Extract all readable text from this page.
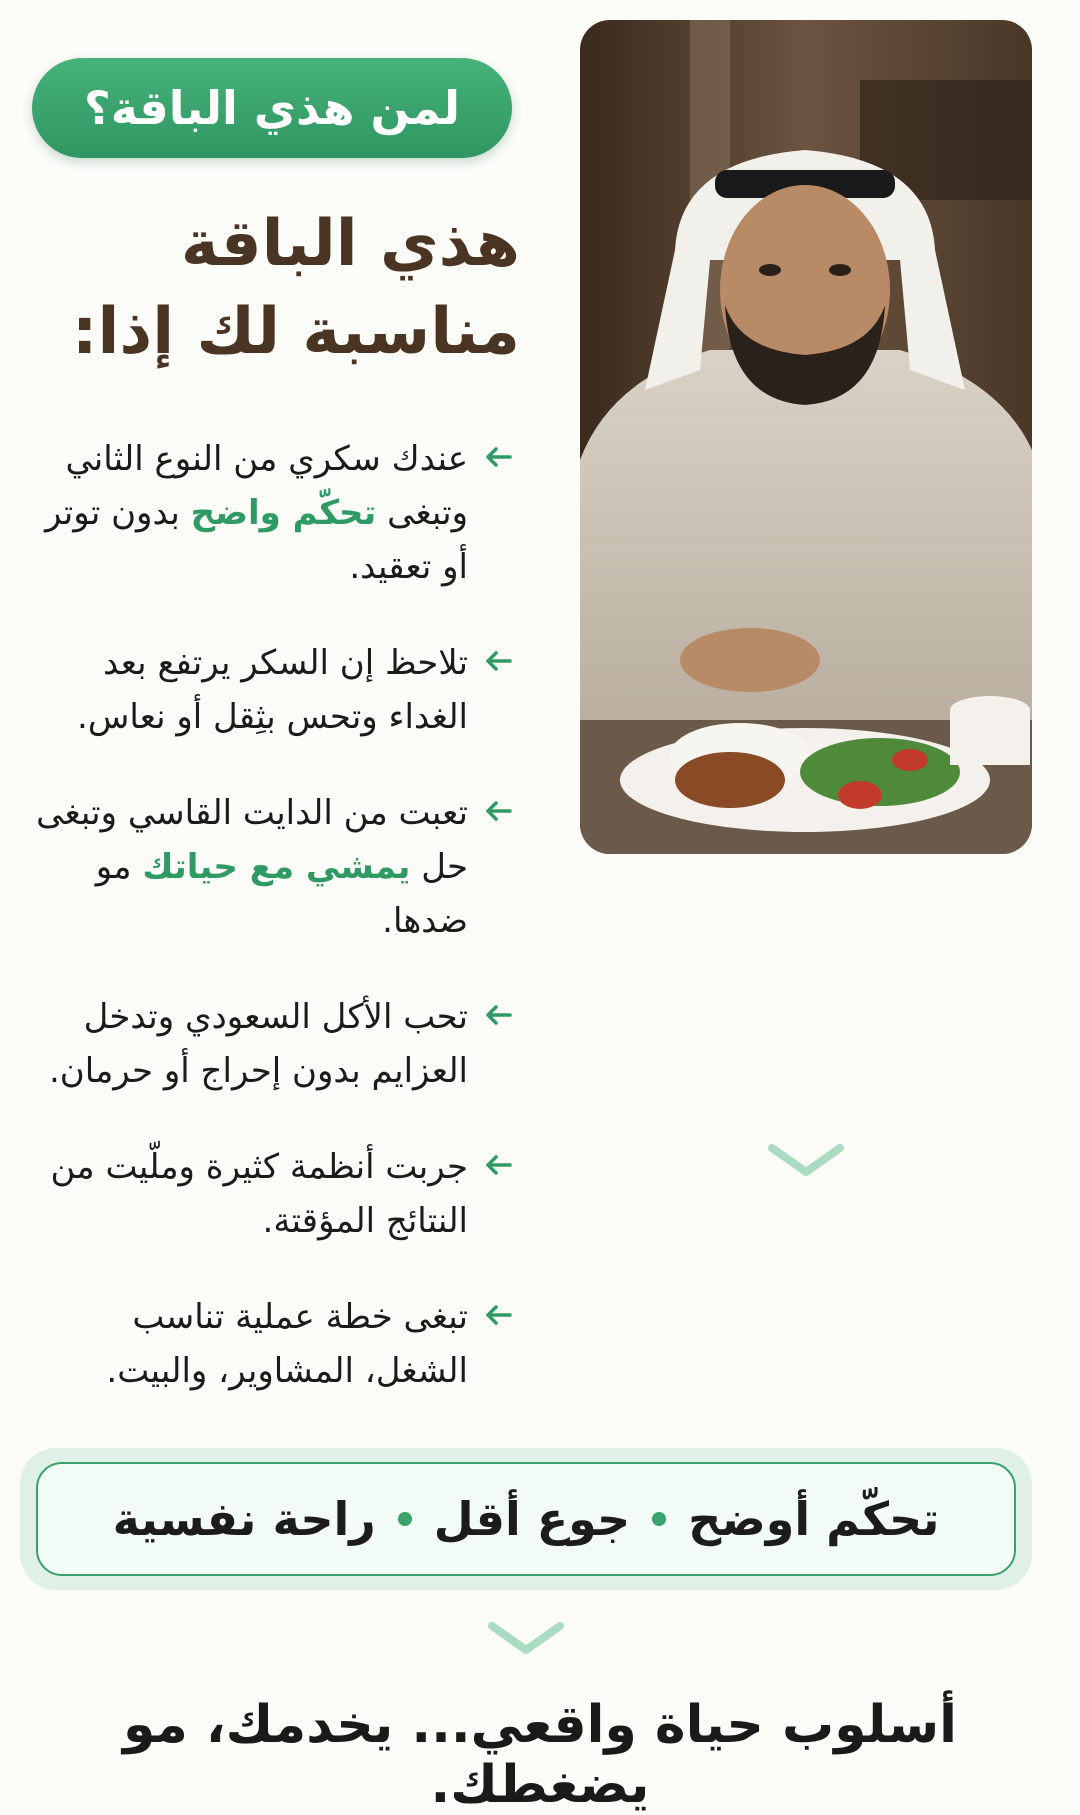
لمن هذي الباقة؟
هذي الباقة
مناسبة لك إذا:
عندك سكري من النوع الثاني وتبغى تحكّم واضح بدون توتر أو تعقيد.
تلاحظ إن السكر يرتفع بعد الغداء وتحس بثِقل أو نعاس.
تعبت من الدايت القاسي وتبغى حل يمشي مع حياتك مو ضدها.
تحب الأكل السعودي وتدخل العزايم بدون إحراج أو حرمان.
جربت أنظمة كثيرة وملّيت من النتائج المؤقتة.
تبغى خطة عملية تناسب الشغل، المشاوير، والبيت.
تحكّم أوضح
جوع أقل
راحة نفسية
أسلوب حياة واقعي... يخدمك، مو يضغطك.
